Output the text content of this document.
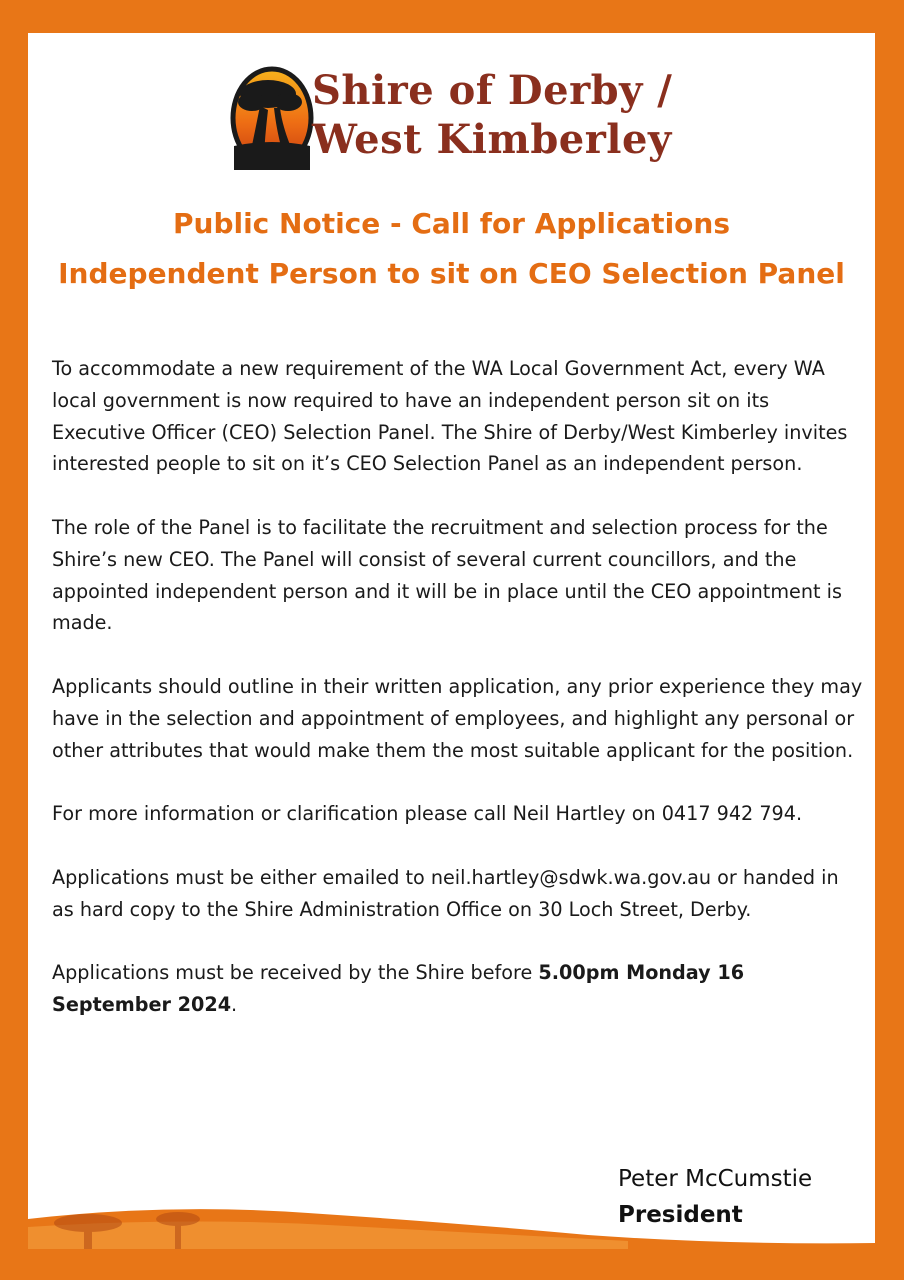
Shire of Derby /
West Kimberley
Public Notice - Call for Applications
Independent Person to sit on CEO Selection Panel

To accommodate a new requirement of the WA Local Government Act, every WA local government is now required to have an independent person sit on its Executive Officer (CEO) Selection Panel. The Shire of Derby/West Kimberley invites interested people to sit on it’s CEO Selection Panel as an independent person.

The role of the Panel is to facilitate the recruitment and selection process for the Shire’s new CEO. The Panel will consist of several current councillors, and the appointed independent person and it will be in place until the CEO appointment is made.

Applicants should outline in their written application, any prior experience they may have in the selection and appointment of employees, and highlight any personal or other attributes that would make them the most suitable applicant for the position.

For more information or clarification please call Neil Hartley on 0417 942 794.

Applications must be either emailed to neil.hartley@sdwk.wa.gov.au or handed in as hard copy to the Shire Administration Office on 30 Loch Street, Derby.

Applications must be received by the Shire before 5.00pm Monday 16 September 2024.

Peter McCumstie
President
